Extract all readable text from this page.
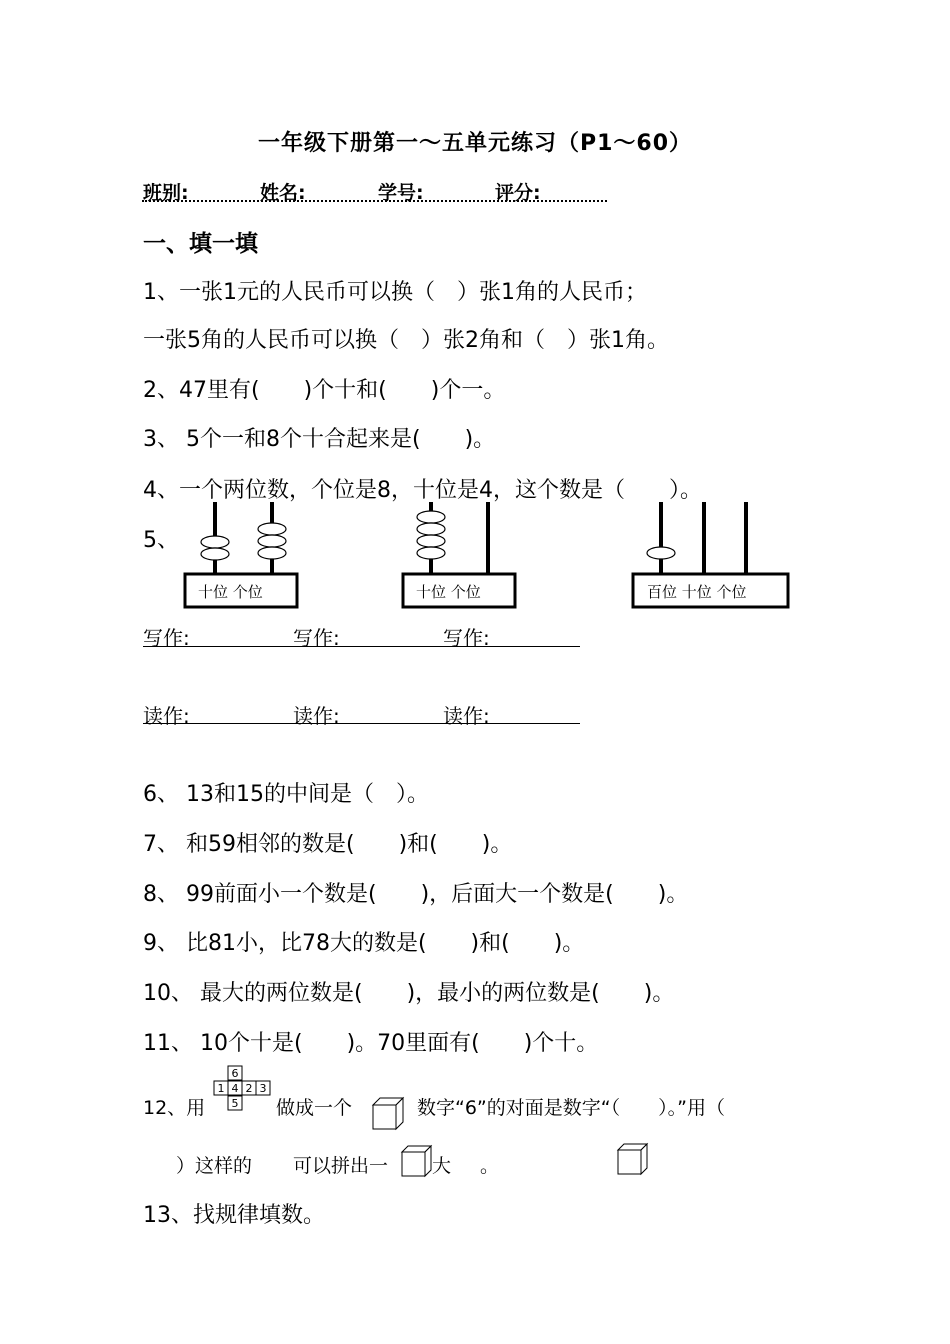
一年级下册第一～五单元练习（P1～60）
班别:	姓名:	学号:	评分:
一、填一填
1、一张1元的人民币可以换（　）张1角的人民币；
一张5角的人民币可以换（　）张2角和（　）张1角。
2、47里有(　　)个十和(　　)个一。
3、 5个一和8个十合起来是(　　)。
4、一个两位数，个位是8，十位是4，这个数是（　　）。
5、
十位 个位	十位 个位	百位 十位 个位
写作:	写作:	写作:
读作:	读作:	读作:
6、 13和15的中间是（　）。
7、 和59相邻的数是(　　)和(　　)。
8、 99前面小一个数是(　　)，后面大一个数是(　　)。
9、 比81小，比78大的数是(　　)和(　　)。
10、 最大的两位数是(　　)，最小的两位数是(　　)。
11、 10个十是(　　)。70里面有(　　)个十。
12、用
6
1 4 2 3
5 做成一个	数字“6”的对面是数字“（　　）。”用（
）这样的 可以拼出一 大 。
13、找规律填数。
